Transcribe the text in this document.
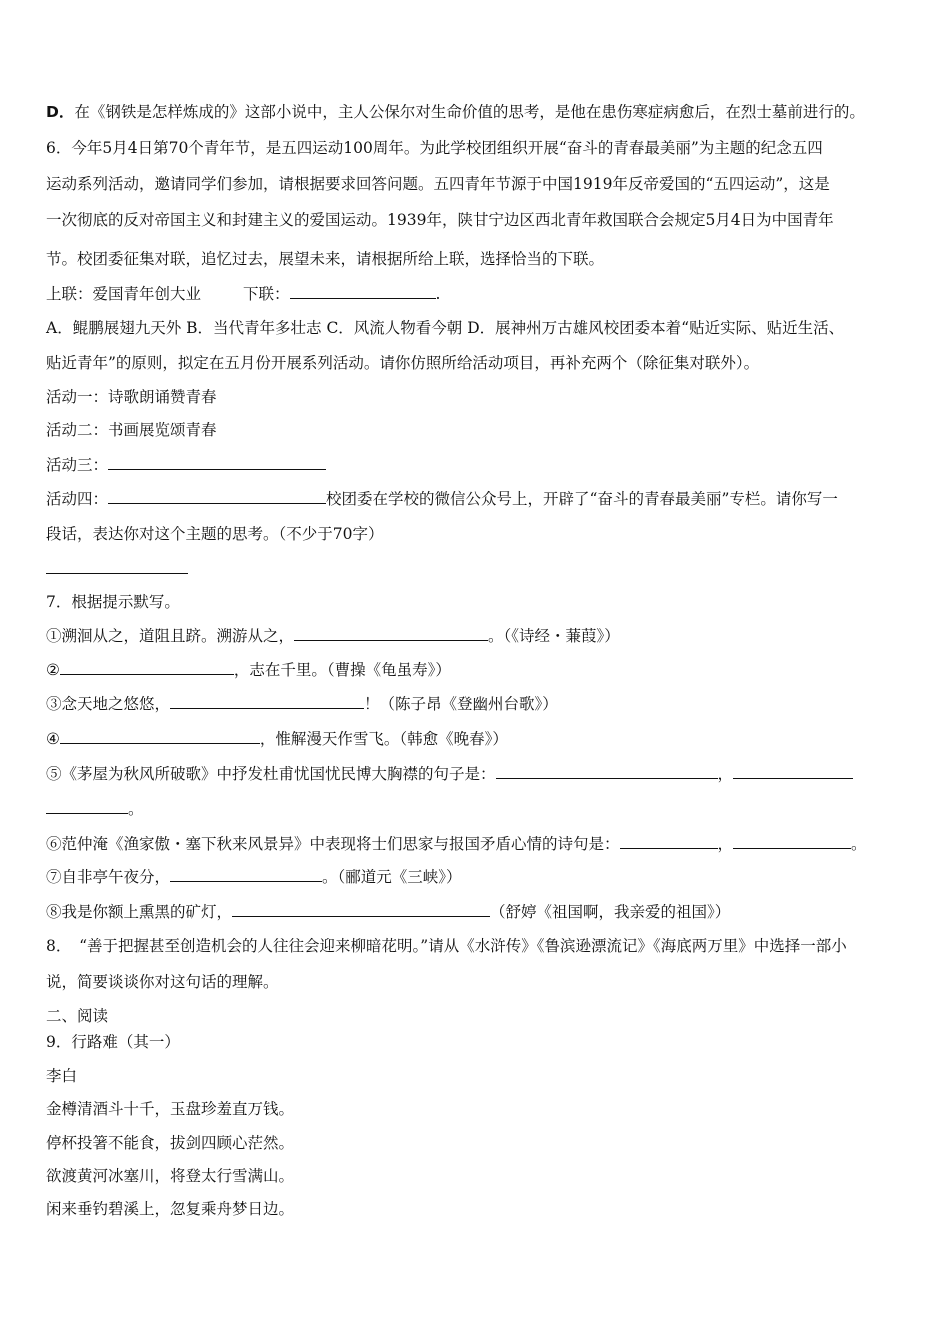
D．在《钢铁是怎样炼成的》这部小说中，主人公保尔对生命价值的思考，是他在患伤寒症病愈后，在烈士墓前进行的。
6．今年5月4日第70个青年节，是五四运动100周年。为此学校团组织开展“奋斗的青春最美丽”为主题的纪念五四
运动系列活动，邀请同学们参加，请根据要求回答问题。五四青年节源于中国1919年反帝爱国的“五四运动”，这是
一次彻底的反对帝国主义和封建主义的爱国运动。1939年，陕甘宁边区西北青年救国联合会规定5月4日为中国青年
节。校团委征集对联，追忆过去，展望未来，请根据所给上联，选择恰当的下联。
上联：爱国青年创大业	下联：	.
A．鲲鹏展翅九天外 B．当代青年多壮志 C．风流人物看今朝 D．展神州万古雄风校团委本着“贴近实际、贴近生活、
贴近青年”的原则，拟定在五月份开展系列活动。请你仿照所给活动项目，再补充两个（除征集对联外）。
活动一：诗歌朗诵赞青春
活动二：书画展览颂青春
活动三：
活动四：	校团委在学校的微信公众号上，开辟了“奋斗的青春最美丽”专栏。请你写一
段话，表达你对这个主题的思考。（不少于70字）
7．根据提示默写。
①溯洄从之，道阻且跻。溯游从之，	。（《诗经・蒹葭》）
②	，志在千里。（曹操《龟虽寿》）
③念天地之悠悠，	！（陈子昂《登幽州台歌》）
④	，惟解漫天作雪飞。（韩愈《晚春》）
⑤《茅屋为秋风所破歌》中抒发杜甫忧国忧民博大胸襟的句子是：	，
。
⑥范仲淹《渔家傲・塞下秋来风景异》中表现将士们思家与报国矛盾心情的诗句是：	，	。
⑦自非亭午夜分，	。（郦道元《三峡》）
⑧我是你额上熏黑的矿灯，	（舒婷《祖国啊，我亲爱的祖国》）
8．　“善于把握甚至创造机会的人往往会迎来柳暗花明。”请从《水浒传》《鲁滨逊漂流记》《海底两万里》中选择一部小
说，简要谈谈你对这句话的理解。
二、阅读
9．行路难（其一）
李白
金樽清酒斗十千，玉盘珍羞直万钱。
停杯投箸不能食，拔剑四顾心茫然。
欲渡黄河冰塞川，将登太行雪满山。
闲来垂钓碧溪上，忽复乘舟梦日边。
